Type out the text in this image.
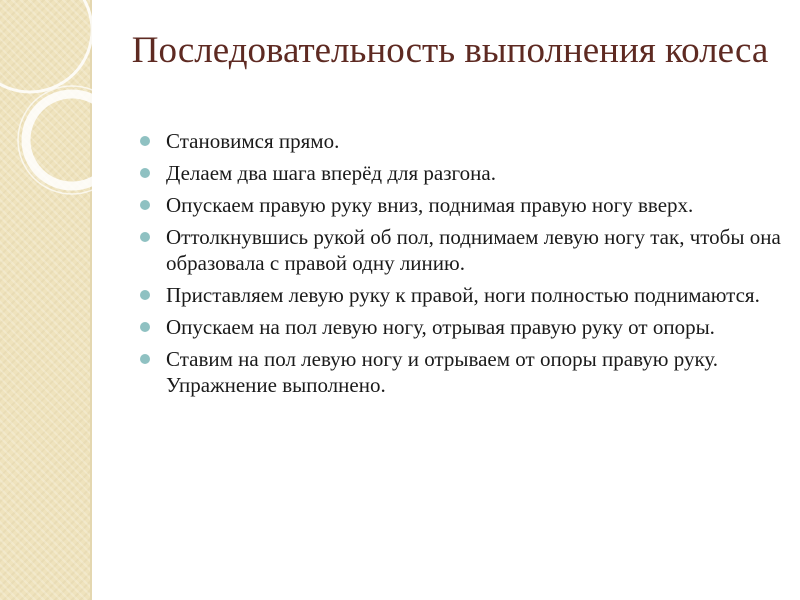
Последовательность выполнения колеса
Становимся прямо.
Делаем два шага вперёд для разгона.
Опускаем правую руку вниз, поднимая правую ногу вверх.
Оттолкнувшись рукой об пол, поднимаем левую ногу так, чтобы она образовала с правой одну линию.
Приставляем левую руку к правой, ноги полностью поднимаются.
Опускаем на пол левую ногу, отрывая правую руку от опоры.
Ставим на пол левую ногу и отрываем от опоры правую руку. Упражнение выполнено.
